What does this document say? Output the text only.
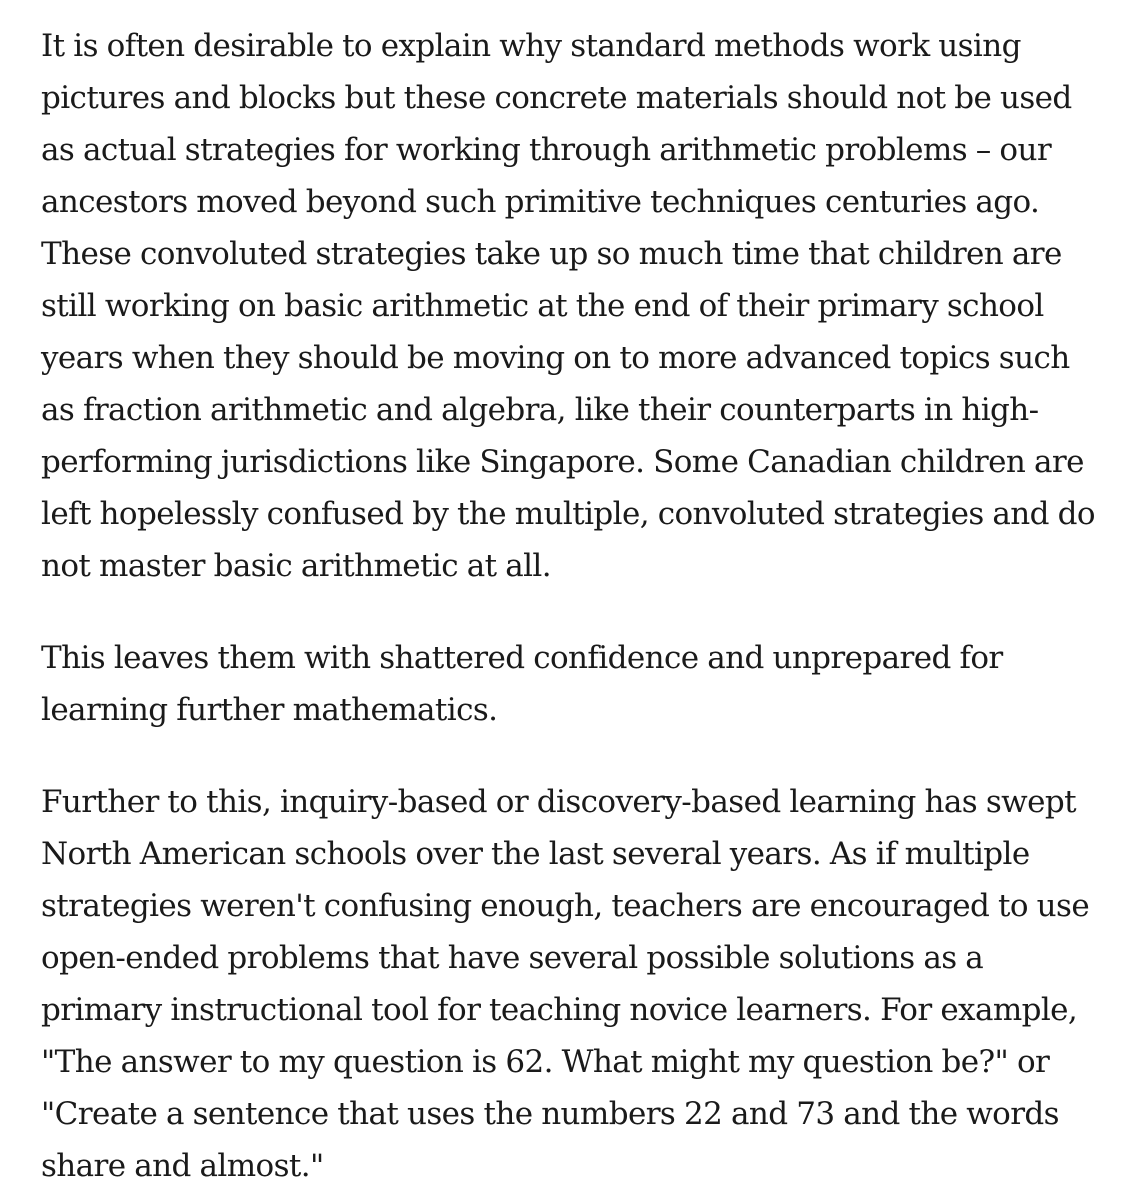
It is often desirable to explain why standard methods work using
pictures and blocks but these concrete materials should not be used
as actual strategies for working through arithmetic problems – our
ancestors moved beyond such primitive techniques centuries ago.
These convoluted strategies take up so much time that children are
still working on basic arithmetic at the end of their primary school
years when they should be moving on to more advanced topics such
as fraction arithmetic and algebra, like their counterparts in high-
performing jurisdictions like Singapore. Some Canadian children are
left hopelessly confused by the multiple, convoluted strategies and do
not master basic arithmetic at all.

This leaves them with shattered confidence and unprepared for
learning further mathematics.

Further to this, inquiry-based or discovery-based learning has swept
North American schools over the last several years. As if multiple
strategies weren't confusing enough, teachers are encouraged to use
open-ended problems that have several possible solutions as a
primary instructional tool for teaching novice learners. For example,
"The answer to my question is 62. What might my question be?" or
"Create a sentence that uses the numbers 22 and 73 and the words
share and almost."
